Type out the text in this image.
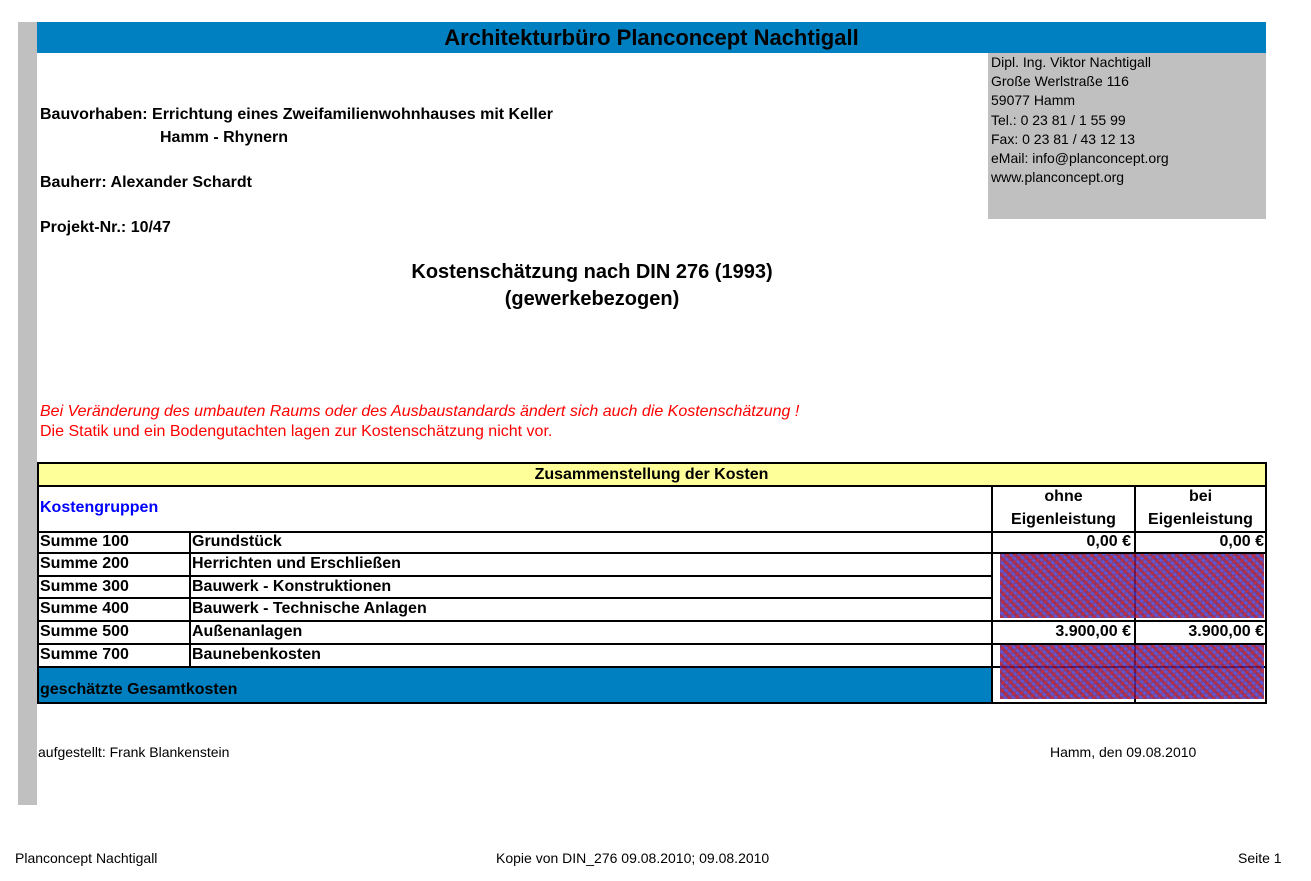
Architekturbüro Planconcept Nachtigall
Dipl. Ing. Viktor Nachtigall
Große Werlstraße 116
59077 Hamm
Tel.: 0 23 81 / 1 55 99
Fax: 0 23 81 / 43 12 13
eMail: info@planconcept.org
www.planconcept.org
Bauvorhaben: Errichtung eines Zweifamilienwohnhauses mit Keller
Hamm - Rhynern
Bauherr: Alexander Schardt
Projekt-Nr.: 10/47
Kostenschätzung nach DIN 276 (1993)
(gewerkebezogen)
Bei Veränderung des umbauten Raums oder des Ausbaustandards ändert sich auch die Kostenschätzung !
Die Statik und ein Bodengutachten lagen zur Kostenschätzung nicht vor.
Zusammenstellung der Kosten
Kostengruppen
ohne
Eigenleistung
bei
Eigenleistung
Summe 100	Grundstück	0,00 €	0,00 €
Summe 200	Herrichten und Erschließen
Summe 300	Bauwerk - Konstruktionen
Summe 400	Bauwerk - Technische Anlagen
Summe 500	Außenanlagen	3.900,00 €	3.900,00 €
Summe 700	Baunebenkosten
geschätzte Gesamtkosten
aufgestellt: Frank Blankenstein	Hamm, den 09.08.2010
Planconcept Nachtigall	Kopie von DIN_276 09.08.2010; 09.08.2010	Seite 1
